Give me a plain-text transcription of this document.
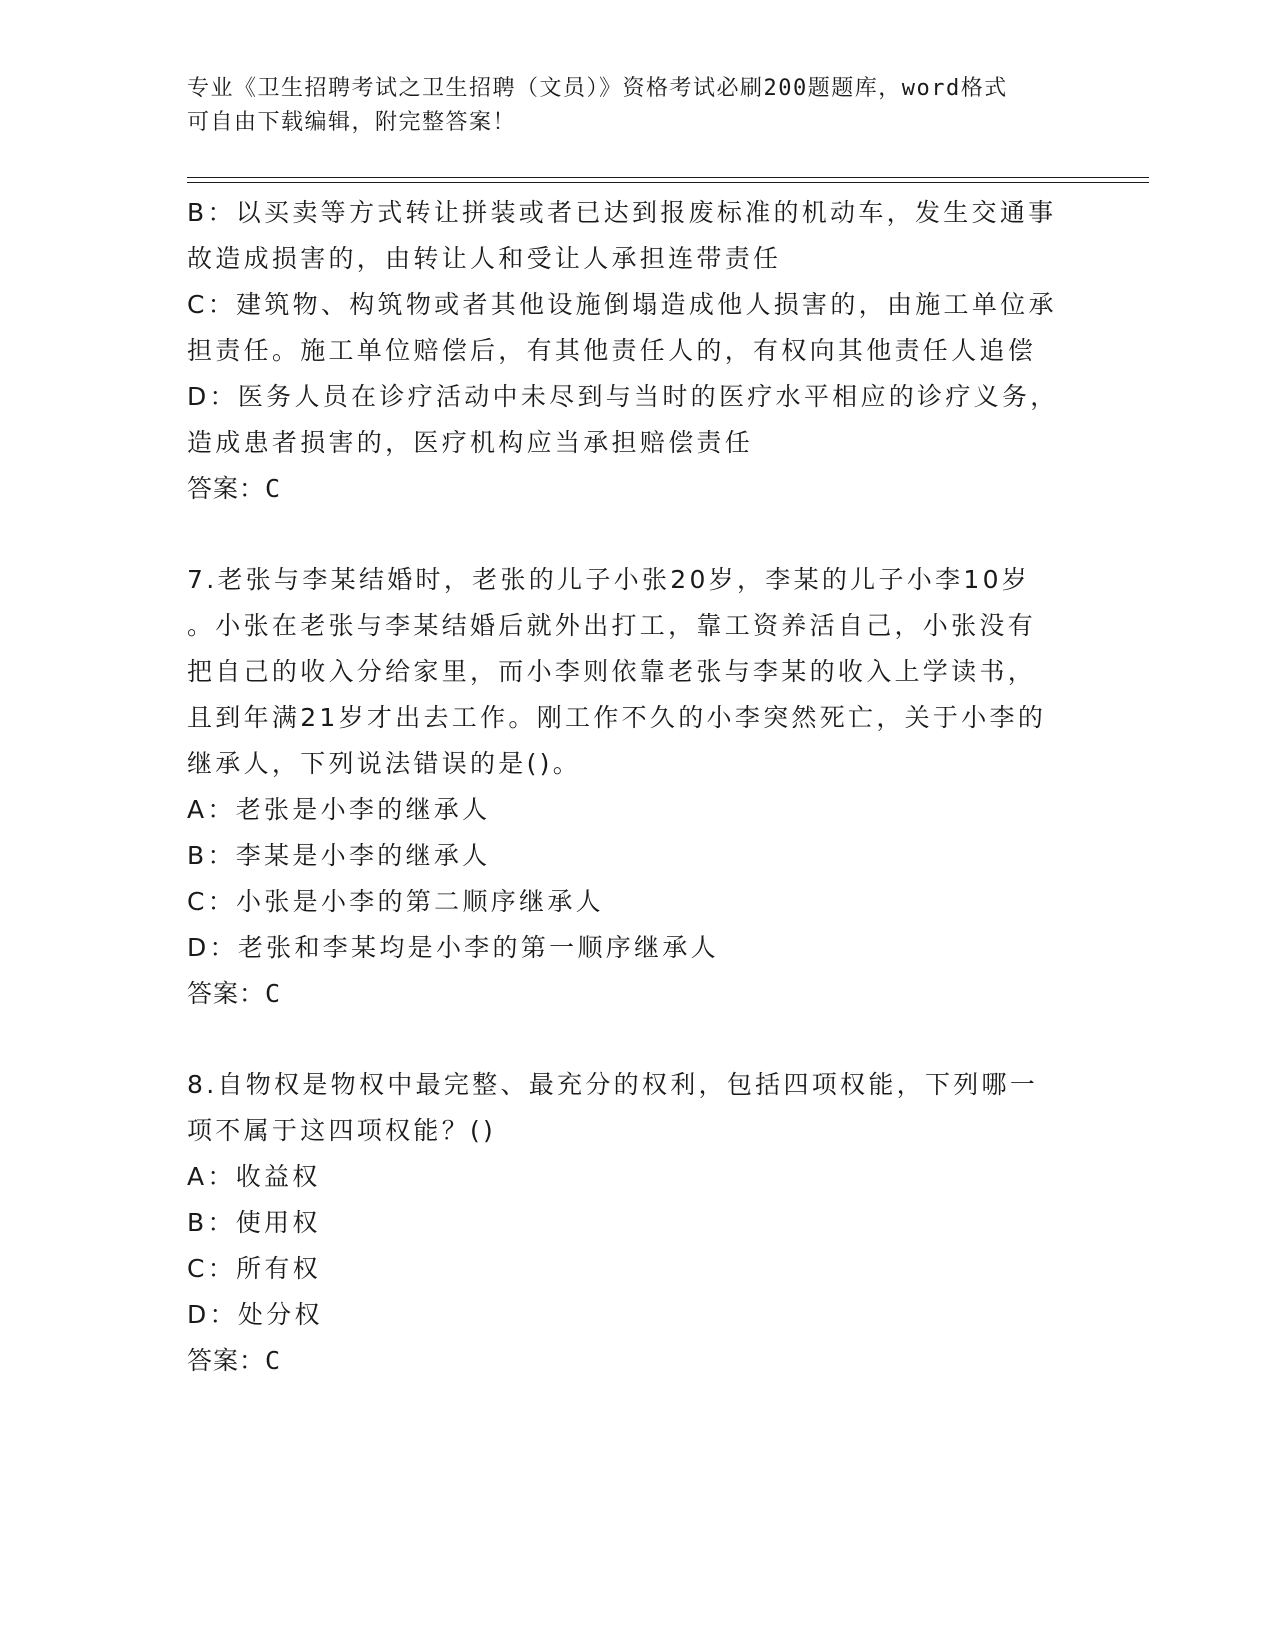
专业《卫生招聘考试之卫生招聘（文员）》资格考试必刷200题题库，word格式
可自由下载编辑，附完整答案！
B：以买卖等方式转让拼装或者已达到报废标准的机动车，发生交通事
故造成损害的，由转让人和受让人承担连带责任
C：建筑物、构筑物或者其他设施倒塌造成他人损害的，由施工单位承
担责任。施工单位赔偿后，有其他责任人的，有权向其他责任人追偿
D：医务人员在诊疗活动中未尽到与当时的医疗水平相应的诊疗义务，
造成患者损害的，医疗机构应当承担赔偿责任
答案：C
7.老张与李某结婚时，老张的儿子小张20岁，李某的儿子小李10岁
。小张在老张与李某结婚后就外出打工，靠工资养活自己，小张没有
把自己的收入分给家里，而小李则依靠老张与李某的收入上学读书，
且到年满21岁才出去工作。刚工作不久的小李突然死亡，关于小李的
继承人，下列说法错误的是()。
A：老张是小李的继承人
B：李某是小李的继承人
C：小张是小李的第二顺序继承人
D：老张和李某均是小李的第一顺序继承人
答案：C
8.自物权是物权中最完整、最充分的权利，包括四项权能，下列哪一
项不属于这四项权能？()
A：收益权
B：使用权
C：所有权
D：处分权
答案：C
